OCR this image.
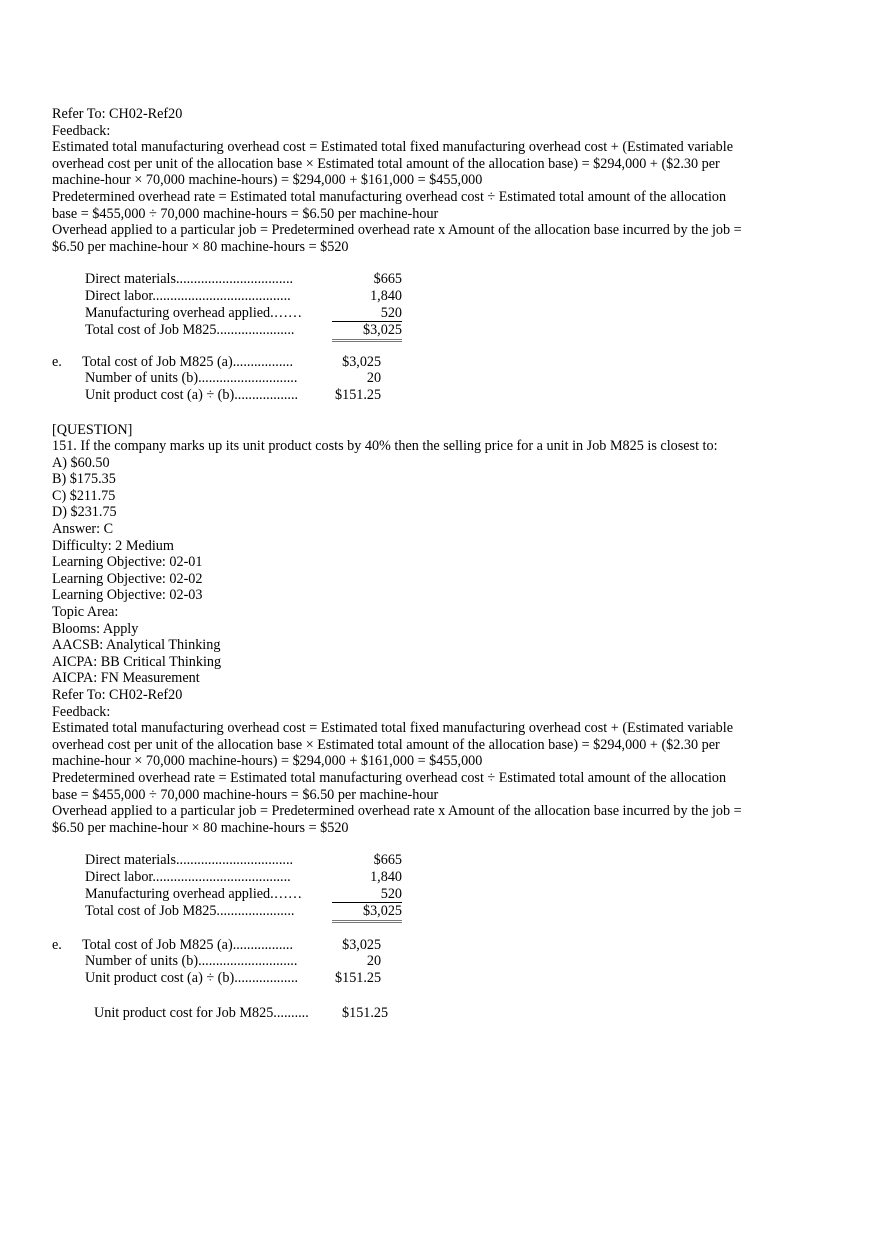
Refer To: CH02-Ref20
Feedback:
Estimated total manufacturing overhead cost = Estimated total fixed manufacturing overhead cost + (Estimated variable
overhead cost per unit of the allocation base × Estimated total amount of the allocation base) = $294,000 + ($2.30 per
machine-hour × 70,000 machine-hours) = $294,000 + $161,000 = $455,000
Predetermined overhead rate = Estimated total manufacturing overhead cost ÷ Estimated total amount of the allocation
base = $455,000 ÷ 70,000 machine-hours = $6.50 per machine-hour
Overhead applied to a particular job = Predetermined overhead rate x Amount of the allocation base incurred by the job =
$6.50 per machine-hour × 80 machine-hours = $520
Direct materials.................................	$665
Direct labor.......................................	1,840
Manufacturing overhead applied.……	520
Total cost of Job M825......................	$3,025
e.	Total cost of Job M825 (a).................	$3,025
	Number of units (b)............................	20
	Unit product cost (a) ÷ (b)..................	$151.25
[QUESTION]
151. If the company marks up its unit product costs by 40% then the selling price for a unit in Job M825 is closest to:
A) $60.50
B) $175.35
C) $211.75
D) $231.75
Answer: C
Difficulty: 2 Medium
Learning Objective: 02-01
Learning Objective: 02-02
Learning Objective: 02-03
Topic Area:
Blooms: Apply
AACSB: Analytical Thinking
AICPA: BB Critical Thinking
AICPA: FN Measurement
Refer To: CH02-Ref20
Feedback:
Estimated total manufacturing overhead cost = Estimated total fixed manufacturing overhead cost + (Estimated variable
overhead cost per unit of the allocation base × Estimated total amount of the allocation base) = $294,000 + ($2.30 per
machine-hour × 70,000 machine-hours) = $294,000 + $161,000 = $455,000
Predetermined overhead rate = Estimated total manufacturing overhead cost ÷ Estimated total amount of the allocation
base = $455,000 ÷ 70,000 machine-hours = $6.50 per machine-hour
Overhead applied to a particular job = Predetermined overhead rate x Amount of the allocation base incurred by the job =
$6.50 per machine-hour × 80 machine-hours = $520
Direct materials.................................	$665
Direct labor.......................................	1,840
Manufacturing overhead applied.……	520
Total cost of Job M825......................	$3,025
e.	Total cost of Job M825 (a).................	$3,025
	Number of units (b)............................	20
	Unit product cost (a) ÷ (b)..................	$151.25
Unit product cost for Job M825..........	$151.25
